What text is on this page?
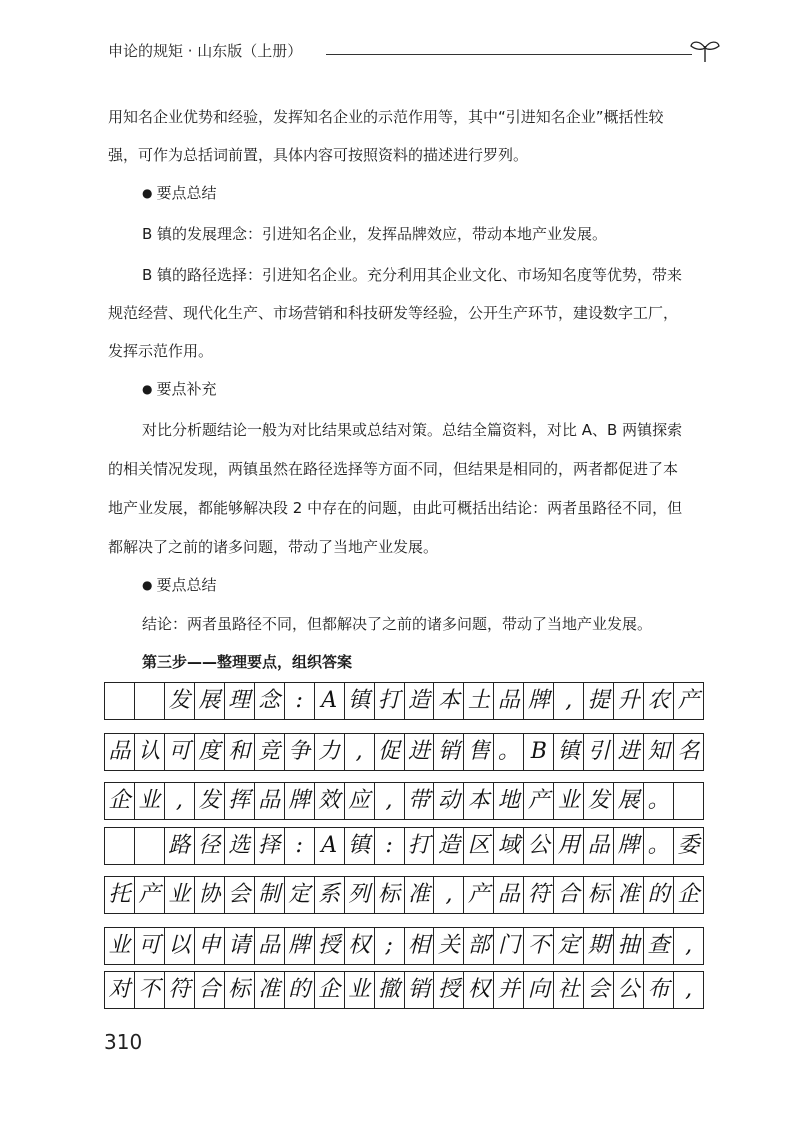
申论的规矩 · 山东版（上册）
用知名企业优势和经验，发挥知名企业的示范作用等，其中“引进知名企业”概括性较
强，可作为总括词前置，具体内容可按照资料的描述进行罗列。
● 要点总结
B 镇的发展理念：引进知名企业，发挥品牌效应，带动本地产业发展。
B 镇的路径选择：引进知名企业。充分利用其企业文化、市场知名度等优势，带来
规范经营、现代化生产、市场营销和科技研发等经验，公开生产环节，建设数字工厂，
发挥示范作用。
● 要点补充
对比分析题结论一般为对比结果或总结对策。总结全篇资料，对比 A、B 两镇探索
的相关情况发现，两镇虽然在路径选择等方面不同，但结果是相同的，两者都促进了本
地产业发展，都能够解决段 2 中存在的问题，由此可概括出结论：两者虽路径不同，但
都解决了之前的诸多问题，带动了当地产业发展。
● 要点总结
结论：两者虽路径不同，但都解决了之前的诸多问题，带动了当地产业发展。
第三步——整理要点，组织答案
发 展 理 念 : A 镇 打 造 本 土 品 牌 , 提 升 农 产
品 认 可 度 和 竞 争 力 , 促 进 销 售 。 B 镇 引 进 知 名
企 业 , 发 挥 品 牌 效 应 , 带 动 本 地 产 业 发 展 。
路 径 选 择 : A 镇 : 打 造 区 域 公 用 品 牌 。 委
托 产 业 协 会 制 定 系 列 标 准 , 产 品 符 合 标 准 的 企
业 可 以 申 请 品 牌 授 权 ; 相 关 部 门 不 定 期 抽 查 ,
对 不 符 合 标 准 的 企 业 撤 销 授 权 并 向 社 会 公 布 ,
310
